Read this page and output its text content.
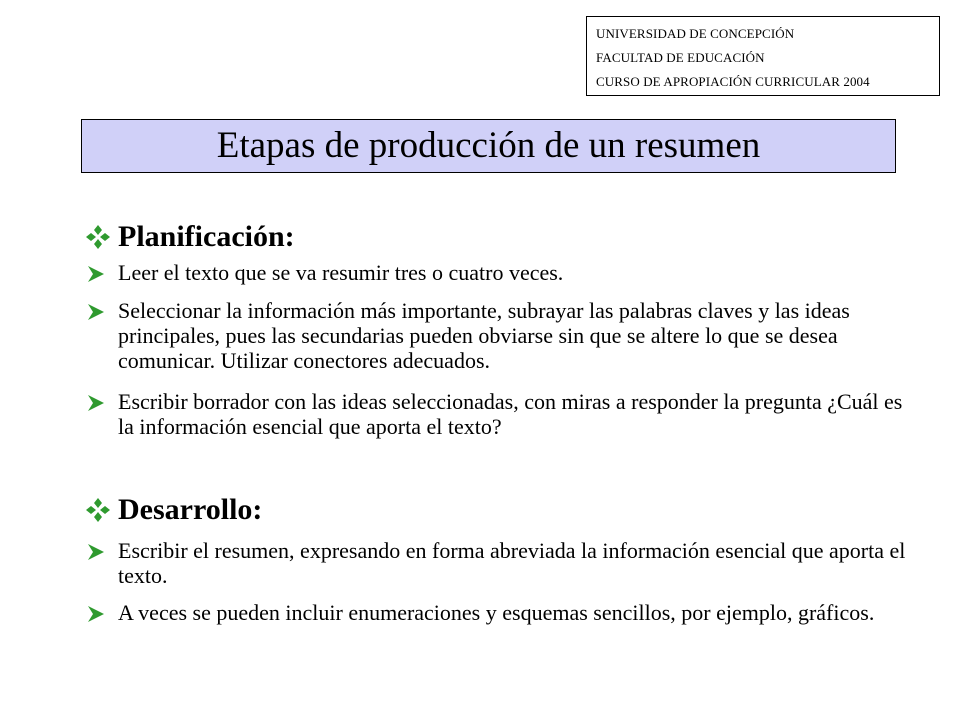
UNIVERSIDAD DE CONCEPCIÓN
FACULTAD DE EDUCACIÓN
CURSO DE APROPIACIÓN CURRICULAR 2004
Etapas de producción de un resumen
Planificación:
Leer el texto que se va resumir tres o cuatro veces.
Seleccionar la información más importante, subrayar las palabras claves y las ideas principales, pues las secundarias pueden obviarse sin que se altere lo que se desea comunicar. Utilizar conectores adecuados.
Escribir borrador con las ideas seleccionadas, con miras a responder la pregunta ¿Cuál es la información esencial que aporta el texto?
Desarrollo:
Escribir el resumen, expresando en forma abreviada la información esencial que aporta el texto.
A veces se pueden incluir enumeraciones y esquemas sencillos, por ejemplo, gráficos.
